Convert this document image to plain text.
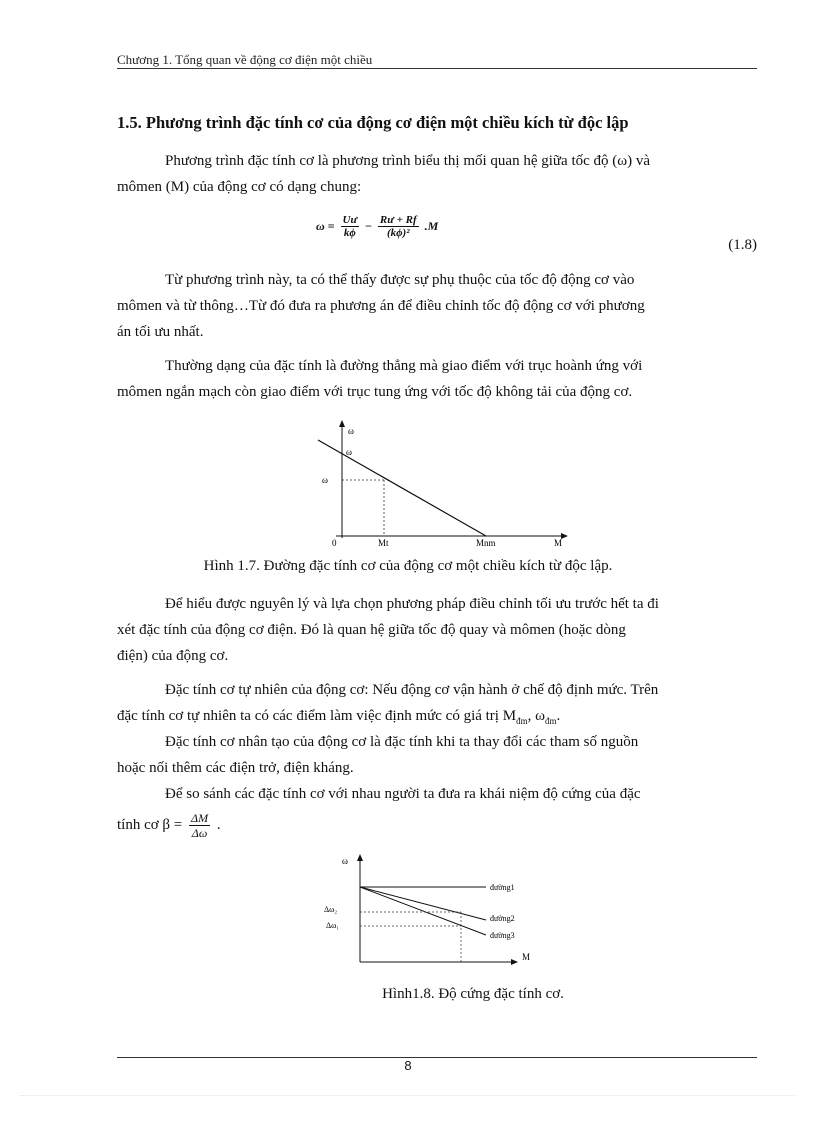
Chương 1. Tổng quan về động cơ điện một chiều
1.5. Phương trình đặc tính cơ của động cơ điện một chiều kích từ độc lập
Phương trình đặc tính cơ là phương trình biểu thị mối quan hệ giữa tốc độ (ω) và
mômen (M) của động cơ có dạng chung:
$\omega = \frac{Uư}{k\phi} - \frac{Rư + Rf}{\text{(kϕ)²}} .M$
(1.8)
Từ phương trình này, ta có thể thấy được sự phụ thuộc của tốc độ động cơ vào
mômen và từ thông…Từ đó đưa ra phương án để điều chỉnh tốc độ động cơ với phương
án tối ưu nhất.
Thường dạng của đặc tính là đường thẳng mà giao điểm với trục hoành ứng với
mômen ngắn mạch còn giao điểm với trục tung ứng với tốc độ không tải của động cơ.
ω
ω
ω
0	Mt	Mnm	M
Hình 1.7. Đường đặc tính cơ của động cơ một chiều kích từ độc lập.
Để hiểu được nguyên lý và lựa chọn phương pháp điều chỉnh tối ưu trước hết ta đi
xét đặc tính của động cơ điện. Đó là quan hệ giữa tốc độ quay và mômen (hoặc dòng
điện) của động cơ.
Đặc tính cơ tự nhiên của động cơ: Nếu động cơ vận hành ở chế độ định mức. Trên
đặc tính cơ tự nhiên ta có các điểm làm việc định mức có giá trị $M_{đm}$, $\omega_{đm}$.
Đặc tính cơ nhân tạo của động cơ là đặc tính khi ta thay đổi các tham số nguồn
hoặc nối thêm các điện trở, điện kháng.
Để so sánh các đặc tính cơ với nhau người ta đưa ra khái niệm độ cứng của đặc
tính cơ $\beta = \frac{\Delta M}{\Delta\omega}$ .
ω
M
Δω₂
Δω₁
đường1
đường2
đường3
Hình1.8. Độ cứng đặc tính cơ.
8
